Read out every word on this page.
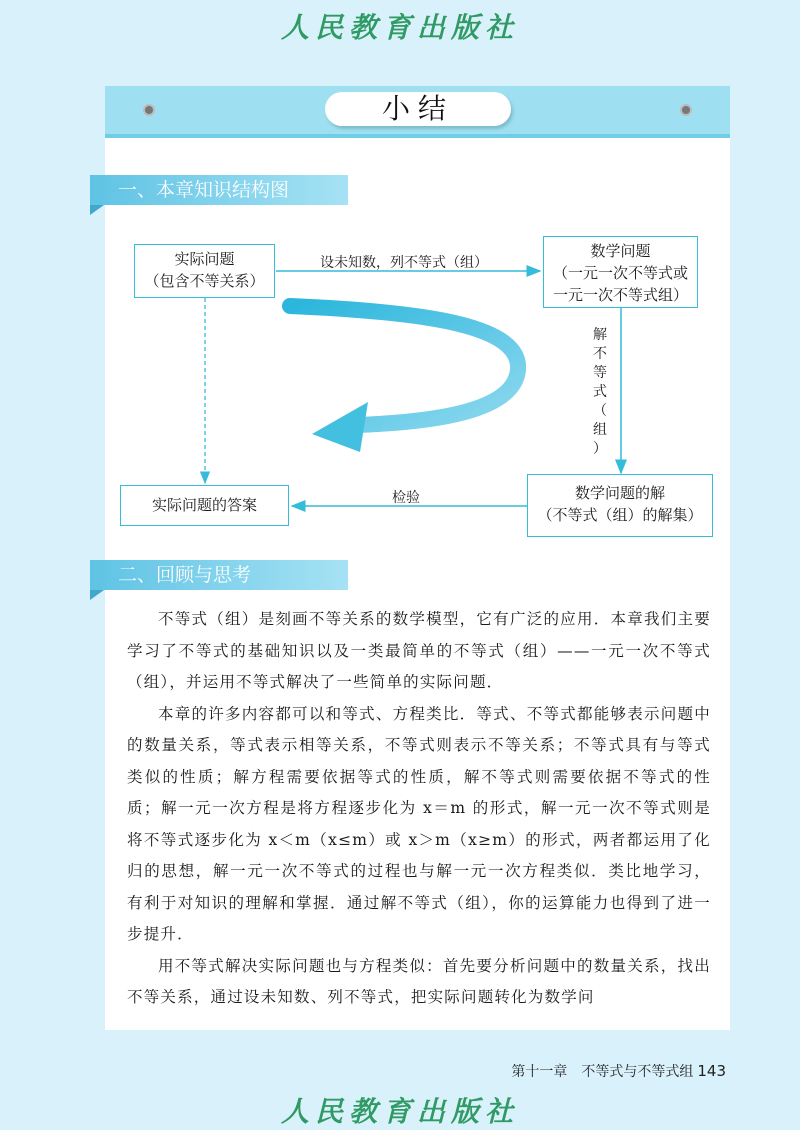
人民教育出版社
小结
一、本章知识结构图
实际问题
（包含不等关系）
数学问题
（一元一次不等式或
一元一次不等式组）
实际问题的答案
数学问题的解
（不等式（组）的解集）
设未知数，列不等式（组）
检验
解
不
等
式
（
组
）
二、回顾与思考

不等式（组）是刻画不等关系的数学模型，它有广泛的应用．本章我们主要学习了不等式的基础知识以及一类最简单的不等式（组）——一元一次不等式（组），并运用不等式解决了一些简单的实际问题．

本章的许多内容都可以和等式、方程类比．等式、不等式都能够表示问题中的数量关系，等式表示相等关系，不等式则表示不等关系；不等式具有与等式类似的性质；解方程需要依据等式的性质，解不等式则需要依据不等式的性质；解一元一次方程是将方程逐步化为 x＝m 的形式，解一元一次不等式则是将不等式逐步化为 x＜m（x≤m）或 x＞m（x≥m）的形式，两者都运用了化归的思想，解一元一次不等式的过程也与解一元一次方程类似．类比地学习，有利于对知识的理解和掌握．通过解不等式（组），你的运算能力也得到了进一步提升．

用不等式解决实际问题也与方程类似：首先要分析问题中的数量关系，找出不等关系，通过设未知数、列不等式，把实际问题转化为数学问

第十一章　不等式与不等式组 143
人民教育出版社
